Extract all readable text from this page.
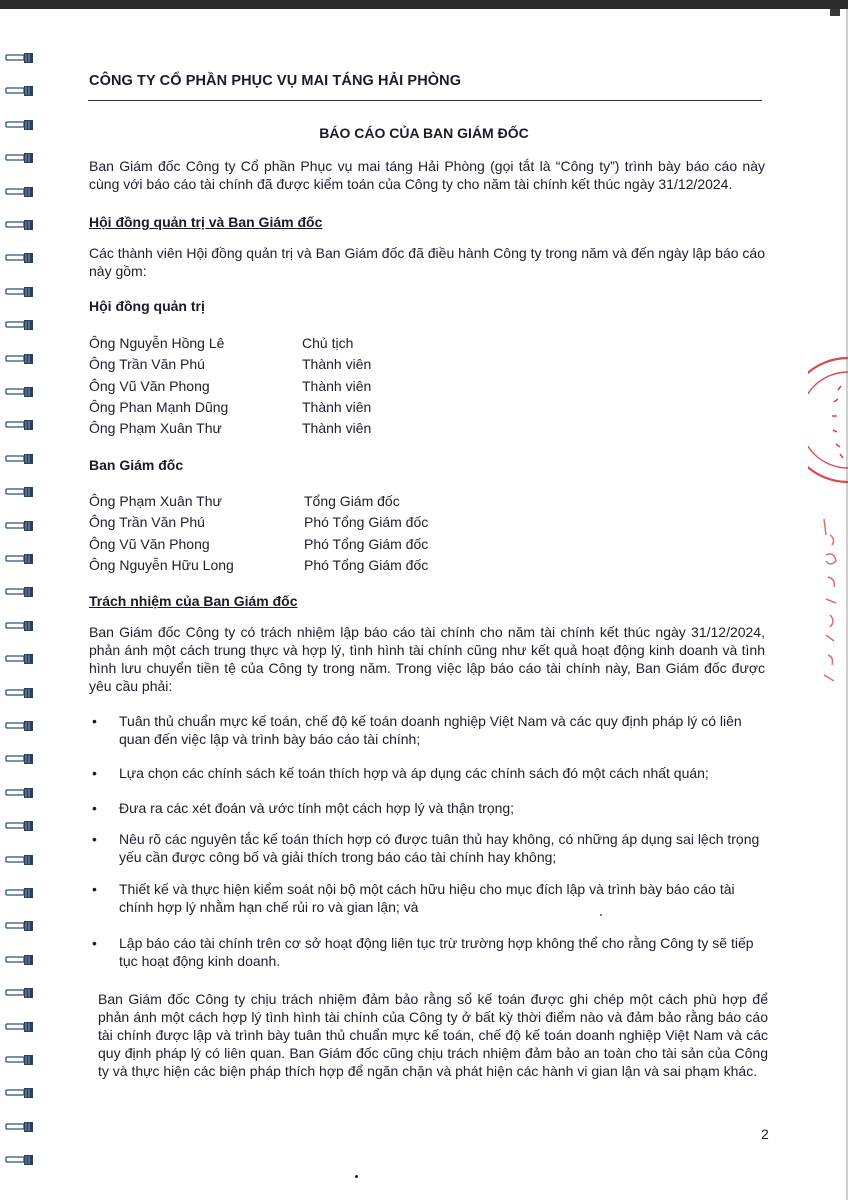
CÔNG TY CỔ PHẦN PHỤC VỤ MAI TÁNG HẢI PHÒNG
BÁO CÁO CỦA BAN GIÁM ĐỐC
Ban Giám đốc Công ty Cổ phần Phục vụ mai táng Hải Phòng (gọi tắt là “Công ty”) trình bày báo cáo này cùng với báo cáo tài chính đã được kiểm toán của Công ty cho năm tài chính kết thúc ngày 31/12/2024.
Hội đồng quản trị và Ban Giám đốc
Các thành viên Hội đồng quản trị và Ban Giám đốc đã điều hành Công ty trong năm và đến ngày lập báo cáo này gồm:
Hội đồng quản trị
Ông Nguyễn Hồng Lê	Chủ tịch
Ông Trần Văn Phú	Thành viên
Ông Vũ Văn Phong	Thành viên
Ông Phan Mạnh Dũng	Thành viên
Ông Phạm Xuân Thư	Thành viên
Ban Giám đốc
Ông Phạm Xuân Thư	Tổng Giám đốc
Ông Trần Văn Phú	Phó Tổng Giám đốc
Ông Vũ Văn Phong	Phó Tổng Giám đốc
Ông Nguyễn Hữu Long	Phó Tổng Giám đốc
Trách nhiệm của Ban Giám đốc
Ban Giám đốc Công ty có trách nhiệm lập báo cáo tài chính cho năm tài chính kết thúc ngày 31/12/2024, phản ánh một cách trung thực và hợp lý, tình hình tài chính cũng như kết quả hoạt động kinh doanh và tình hình lưu chuyển tiền tệ của Công ty trong năm. Trong việc lập báo cáo tài chính này, Ban Giám đốc được yêu cầu phải:
• Tuân thủ chuẩn mực kế toán, chế độ kế toán doanh nghiệp Việt Nam và các quy định pháp lý có liên quan đến việc lập và trình bày báo cáo tài chính;
• Lựa chọn các chính sách kế toán thích hợp và áp dụng các chính sách đó một cách nhất quán;
• Đưa ra các xét đoán và ước tính một cách hợp lý và thận trọng;
• Nêu rõ các nguyên tắc kế toán thích hợp có được tuân thủ hay không, có những áp dụng sai lệch trọng yếu cần được công bố và giải thích trong báo cáo tài chính hay không;
• Thiết kế và thực hiện kiểm soát nội bộ một cách hữu hiệu cho mục đích lập và trình bày báo cáo tài chính hợp lý nhằm hạn chế rủi ro và gian lận; và
• Lập báo cáo tài chính trên cơ sở hoạt động liên tục trừ trường hợp không thể cho rằng Công ty sẽ tiếp tục hoạt động kinh doanh.
Ban Giám đốc Công ty chịu trách nhiệm đảm bảo rằng sổ kế toán được ghi chép một cách phù hợp để phản ánh một cách hợp lý tình hình tài chính của Công ty ở bất kỳ thời điểm nào và đảm bảo rằng báo cáo tài chính được lập và trình bày tuân thủ chuẩn mực kế toán, chế độ kế toán doanh nghiệp Việt Nam và các quy định pháp lý có liên quan. Ban Giám đốc cũng chịu trách nhiệm đảm bảo an toàn cho tài sản của Công ty và thực hiện các biện pháp thích hợp để ngăn chặn và phát hiện các hành vi gian lận và sai phạm khác.
2
